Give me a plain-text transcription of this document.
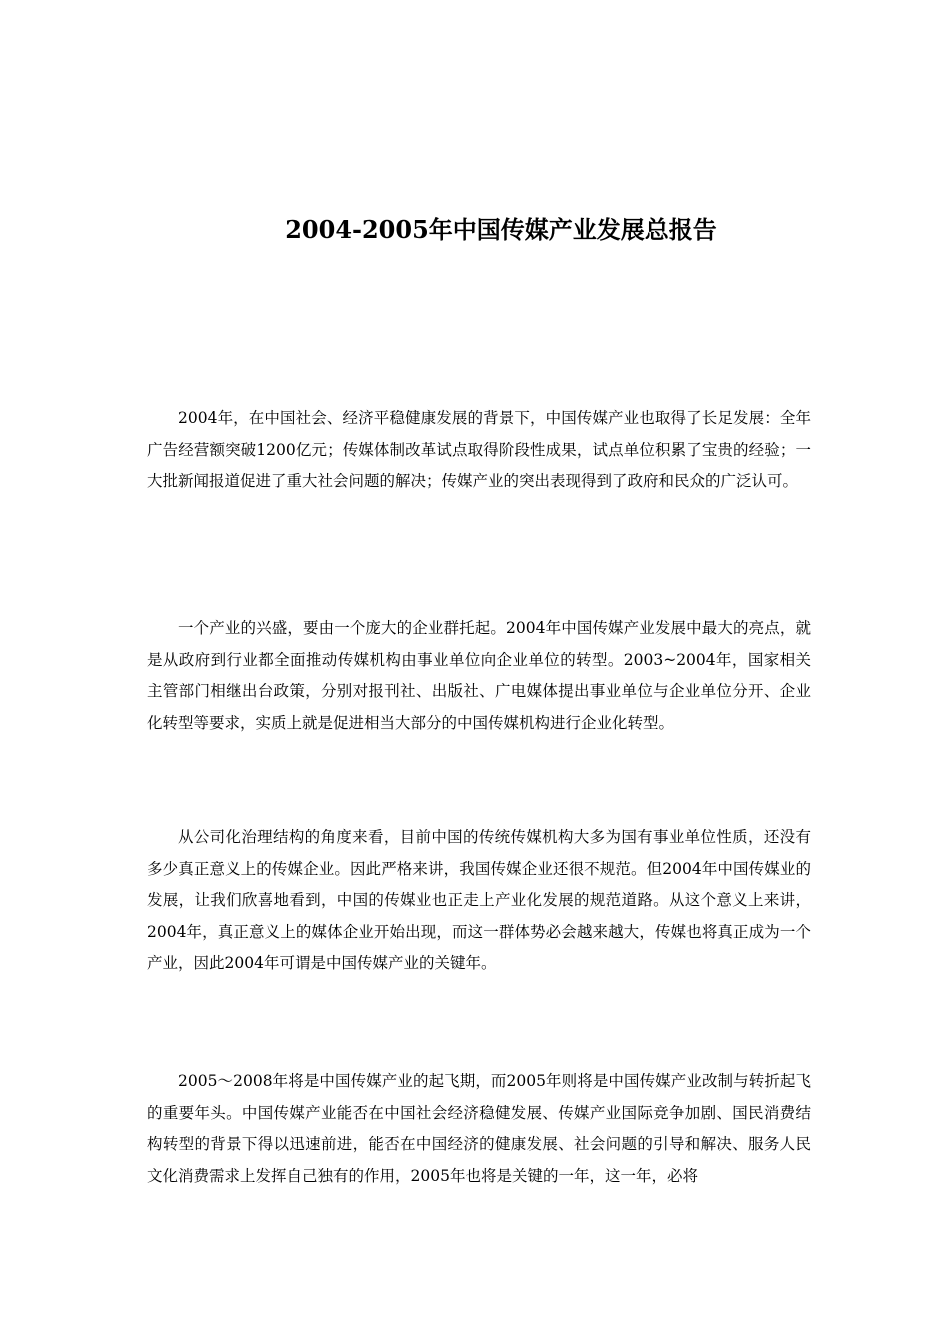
2004-2005年中国传媒产业发展总报告

2004年，在中国社会、经济平稳健康发展的背景下，中国传媒产业也取得了长足发展：全年广告经营额突破1200亿元；传媒体制改革试点取得阶段性成果，试点单位积累了宝贵的经验；一大批新闻报道促进了重大社会问题的解决；传媒产业的突出表现得到了政府和民众的广泛认可。

一个产业的兴盛，要由一个庞大的企业群托起。2004年中国传媒产业发展中最大的亮点，就是从政府到行业都全面推动传媒机构由事业单位向企业单位的转型。2003~2004年，国家相关主管部门相继出台政策，分别对报刊社、出版社、广电媒体提出事业单位与企业单位分开、企业化转型等要求，实质上就是促进相当大部分的中国传媒机构进行企业化转型。

从公司化治理结构的角度来看，目前中国的传统传媒机构大多为国有事业单位性质，还没有多少真正意义上的传媒企业。因此严格来讲，我国传媒企业还很不规范。但2004年中国传媒业的发展，让我们欣喜地看到，中国的传媒业也正走上产业化发展的规范道路。从这个意义上来讲，2004年，真正意义上的媒体企业开始出现，而这一群体势必会越来越大，传媒也将真正成为一个产业，因此2004年可谓是中国传媒产业的关键年。

2005～2008年将是中国传媒产业的起飞期，而2005年则将是中国传媒产业改制与转折起飞的重要年头。中国传媒产业能否在中国社会经济稳健发展、传媒产业国际竞争加剧、国民消费结构转型的背景下得以迅速前进，能否在中国经济的健康发展、社会问题的引导和解决、服务人民文化消费需求上发挥自己独有的作用，2005年也将是关键的一年，这一年，必将
